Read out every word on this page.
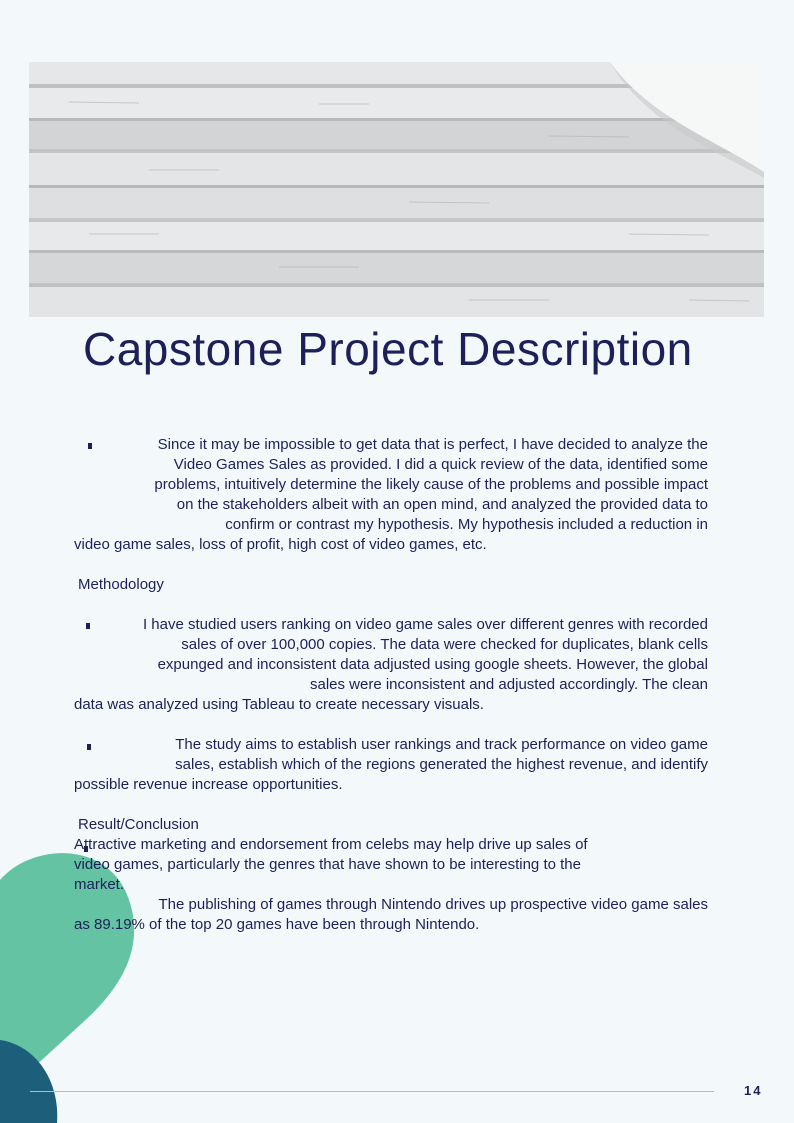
Capstone Project Description

Since it may be impossible to get data that is perfect, I have decided to analyze the

Video Games Sales as provided. I did a quick review of the data, identified some

problems, intuitively determine the likely cause of the problems and possible impact

on the stakeholders albeit with an open mind, and analyzed the provided data to

confirm or contrast my hypothesis. My hypothesis included a reduction in

video game sales, loss of profit, high cost of video games, etc.

Methodology

I have studied users ranking on video game sales over different genres with recorded

sales of over 100,000 copies. The data were checked for duplicates, blank cells

expunged and inconsistent data adjusted using google sheets. However, the global

sales were inconsistent and adjusted accordingly. The clean

data was analyzed using Tableau to create necessary visuals.

The study aims to establish user rankings and track performance on video game

sales, establish which of the regions generated the highest revenue, and identify

possible revenue increase opportunities.

Result/Conclusion

Attractive marketing and endorsement from celebs may help drive up sales of

video games, particularly the genres that have shown to be interesting to the

market.

The publishing of games through Nintendo drives up prospective video game sales

as 89.19% of the top 20 games have been through Nintendo.

14
